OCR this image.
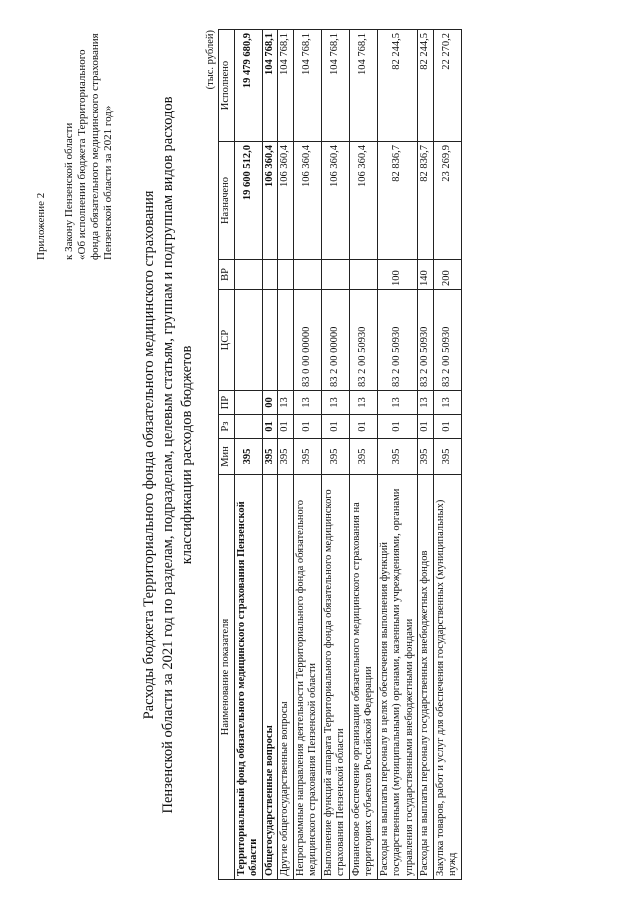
Приложение 2 к Закону Пензенской области «Об исполнении бюджета Территориального фонда обязательного медицинского страхования Пензенской области за 2021 год»
Расходы бюджета Территориального фонда обязательного медицинского страхования Пензенской области за 2021 год по разделам, подразделам, целевым статьям, группам и подгруппам видов расходов классификации расходов бюджетов
(тыс. рублей)
Наименование показателя	Мин	Рз	ПР	ЦСР	ВР	Назначено	Исполнено
Территориальный фонд обязательного медицинского страхования Пензенской области	395					19 600 512,0	19 479 680,9
Общегосударственные вопросы	395	01	00			106 360,4	104 768,1
Другие общегосударственные вопросы	395	01	13			106 360,4	104 768,1
Непрограммные направления деятельности Территориального фонда обязательного медицинского страхования Пензенской области	395	01	13	83 0 00 00000		106 360,4	104 768,1
Выполнение функций аппарата Территориального фонда обязательного медицинского страхования Пензенской области	395	01	13	83 2 00 00000		106 360,4	104 768,1
Финансовое обеспечение организации обязательного медицинского страхования на территориях субъектов Российской Федерации	395	01	13	83 2 00 50930		106 360,4	104 768,1
Расходы на выплаты персоналу в целях обеспечения выполнения функций государственными (муниципальными) органами, казенными учреждениями, органами управления государственными внебюджетными фондами	395	01	13	83 2 00 50930	100	82 836,7	82 244,5
Расходы на выплаты персоналу государственных внебюджетных фондов	395	01	13	83 2 00 50930	140	82 836,7	82 244,5
Закупка товаров, работ и услуг для обеспечения государственных (муниципальных) нужд	395	01	13	83 2 00 50930	200	23 269,9	22 270,2
